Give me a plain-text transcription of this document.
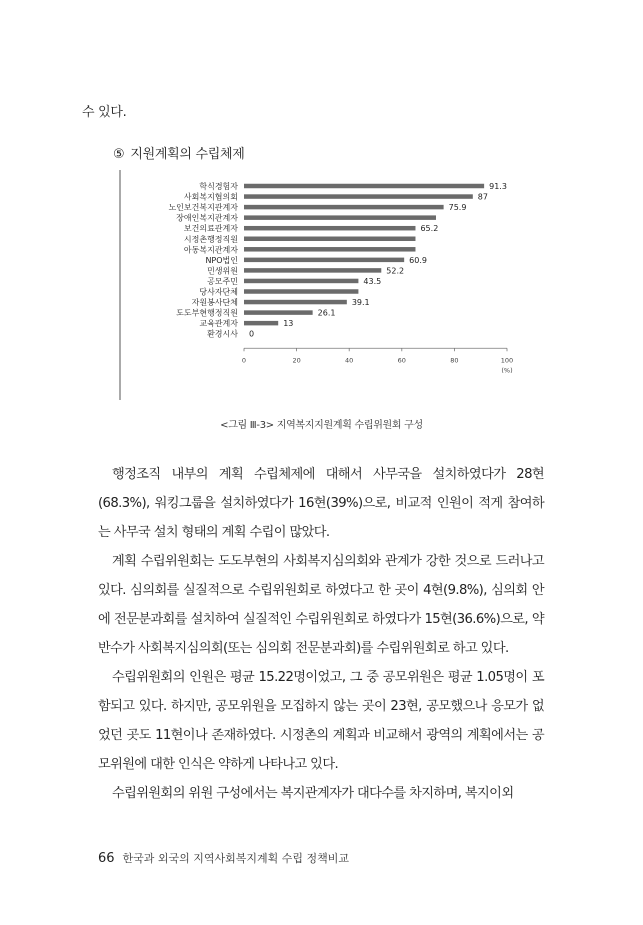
수 있다.
⑤ 지원계획의 수립체제
학식경험자	91.3
사회복지협의회	87
노인보건복지관계자	75.9
장애인복지관계자
보건의료관계자	65.2
시정촌행정직원
아동복지관계자
NPO법인	60.9
민생위원	52.2
공모주민	43.5
당사자단체
자원봉사단체	39.1
도도부현행정직원	26.1
교육관계자	13
환경시사 0
0	20	40	60	80	100
(%)
<그림 Ⅲ-3> 지역복지지원계획 수립위원회 구성

행정조직 내부의 계획 수립체제에 대해서 사무국을 설치하였다가 28현(68.3%), 워킹그룹을 설치하였다가 16현(39%)으로, 비교적 인원이 적게 참여하는 사무국 설치 형태의 계획 수립이 많았다.

계획 수립위원회는 도도부현의 사회복지심의회와 관계가 강한 것으로 드러나고 있다. 심의회를 실질적으로 수립위원회로 하였다고 한 곳이 4현(9.8%), 심의회 안에 전문분과회를 설치하여 실질적인 수립위원회로 하였다가 15현(36.6%)으로, 약 반수가 사회복지심의회(또는 심의회 전문분과회)를 수립위원회로 하고 있다.

수립위원회의 인원은 평균 15.22명이었고, 그 중 공모위원은 평균 1.05명이 포함되고 있다. 하지만, 공모위원을 모집하지 않는 곳이 23현, 공모했으나 응모가 없었던 곳도 11현이나 존재하였다. 시정촌의 계획과 비교해서 광역의 계획에서는 공모위원에 대한 인식은 약하게 나타나고 있다.

수립위원회의 위원 구성에서는 복지관계자가 대다수를 차지하며, 복지이외

66 한국과 외국의 지역사회복지계획 수립 정책비교
